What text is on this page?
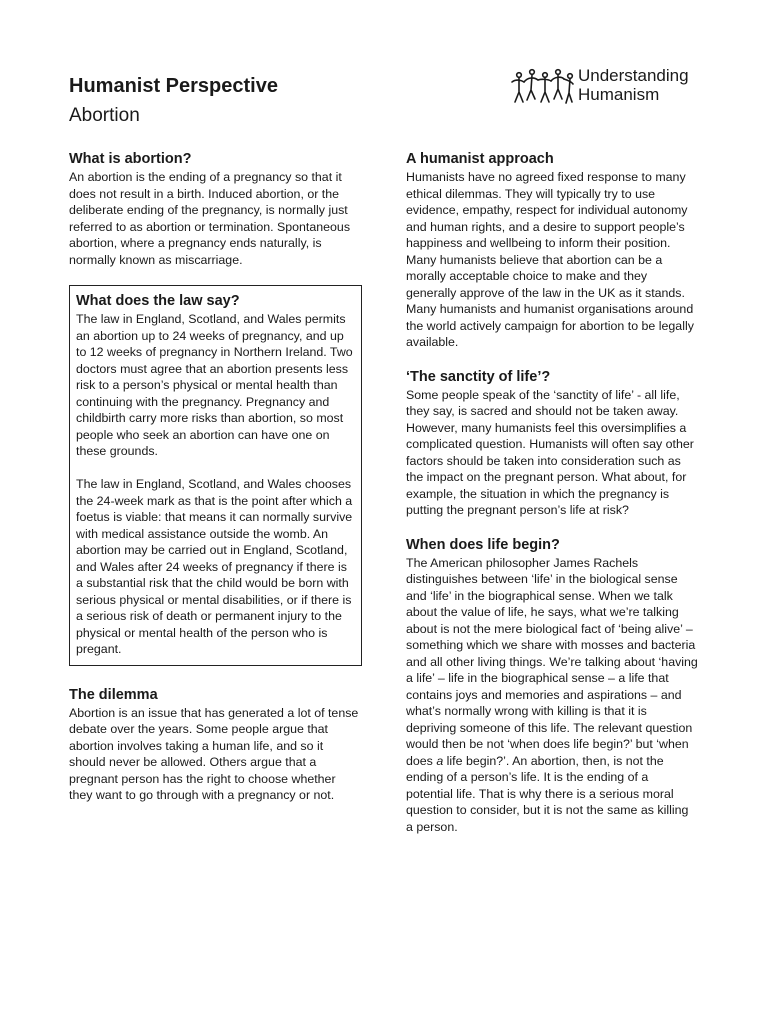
Humanist Perspective
Abortion
Understanding
Humanism
What is abortion?

An abortion is the ending of a pregnancy so that it does not result in a birth. Induced abortion, or the deliberate ending of the pregnancy, is normally just referred to as abortion or termination. Spontaneous abortion, where a pregnancy ends naturally, is normally known as miscarriage.

What does the law say?

The law in England, Scotland, and Wales permits an abortion up to 24 weeks of pregnancy, and up to 12 weeks of pregnancy in Northern Ireland. Two doctors must agree that an abortion presents less risk to a person’s physical or mental health than continuing with the pregnancy. Pregnancy and childbirth carry more risks than abortion, so most people who seek an abortion can have one on these grounds.

The law in England, Scotland, and Wales chooses the 24-week mark as that is the point after which a foetus is viable: that means it can normally survive with medical assistance outside the womb. An abortion may be carried out in England, Scotland, and Wales after 24 weeks of pregnancy if there is a substantial risk that the child would be born with serious physical or mental disabilities, or if there is a serious risk of death or permanent injury to the physical or mental health of the person who is pregant.

The dilemma

Abortion is an issue that has generated a lot of tense debate over the years. Some people argue that abortion involves taking a human life, and so it should never be allowed. Others argue that a pregnant person has the right to choose whether they want to go through with a pregnancy or not.

A humanist approach

Humanists have no agreed fixed response to many ethical dilemmas. They will typically try to use evidence, empathy, respect for individual autonomy and human rights, and a desire to support people’s happiness and wellbeing to inform their position. Many humanists believe that abortion can be a morally acceptable choice to make and they generally approve of the law in the UK as it stands. Many humanists and humanist organisations around the world actively campaign for abortion to be legally available.

‘The sanctity of life’?

Some people speak of the ‘sanctity of life’ - all life, they say, is sacred and should not be taken away. However, many humanists feel this oversimplifies a complicated question. Humanists will often say other factors should be taken into consideration such as the impact on the pregnant person. What about, for example, the situation in which the pregnancy is putting the pregnant person’s life at risk?

When does life begin?

The American philosopher James Rachels distinguishes between ‘life’ in the biological sense and ‘life’ in the biographical sense. When we talk about the value of life, he says, what we’re talking about is not the mere biological fact of ‘being alive’ – something which we share with mosses and bacteria and all other living things. We’re talking about ‘having a life’ – life in the biographical sense – a life that contains joys and memories and aspirations – and what’s normally wrong with killing is that it is depriving someone of this life. The relevant question would then be not ‘when does life begin?’ but ‘when does a life begin?’. An abortion, then, is not the ending of a person’s life. It is the ending of a potential life. That is why there is a serious moral question to consider, but it is not the same as killing a person.
